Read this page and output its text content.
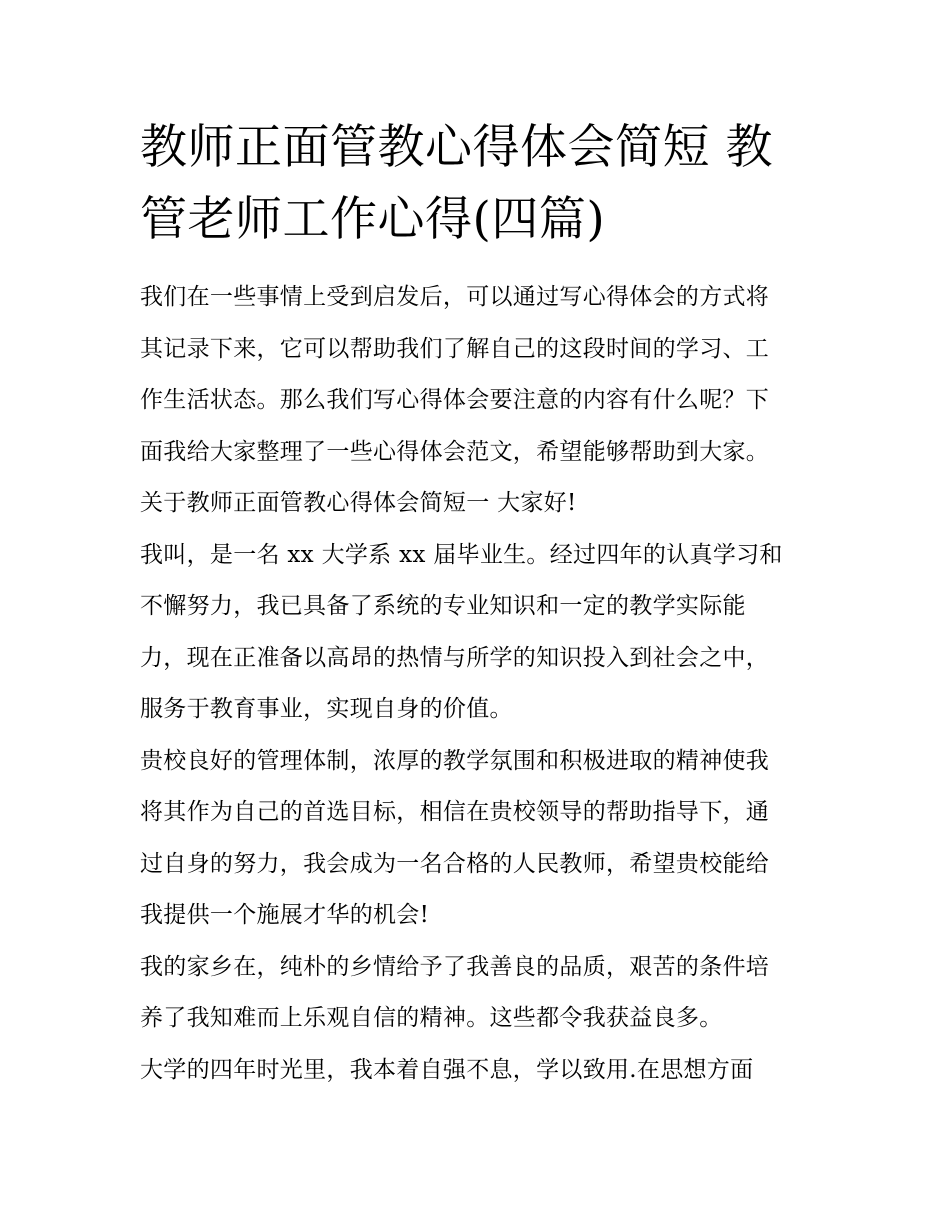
教师正面管教心得体会简短 教
管老师工作心得(四篇)
我们在一些事情上受到启发后，可以通过写心得体会的方式将
其记录下来，它可以帮助我们了解自己的这段时间的学习、工
作生活状态。那么我们写心得体会要注意的内容有什么呢？下
面我给大家整理了一些心得体会范文，希望能够帮助到大家。
关于教师正面管教心得体会简短一 大家好!
我叫，是一名 xx 大学系 xx 届毕业生。经过四年的认真学习和
不懈努力，我已具备了系统的专业知识和一定的教学实际能
力，现在正准备以高昂的热情与所学的知识投入到社会之中，
服务于教育事业，实现自身的价值。
贵校良好的管理体制，浓厚的教学氛围和积极进取的精神使我
将其作为自己的首选目标，相信在贵校领导的帮助指导下，通
过自身的努力，我会成为一名合格的人民教师，希望贵校能给
我提供一个施展才华的机会!
我的家乡在，纯朴的乡情给予了我善良的品质，艰苦的条件培
养了我知难而上乐观自信的精神。这些都令我获益良多。
大学的四年时光里，我本着自强不息，学以致用.在思想方面
